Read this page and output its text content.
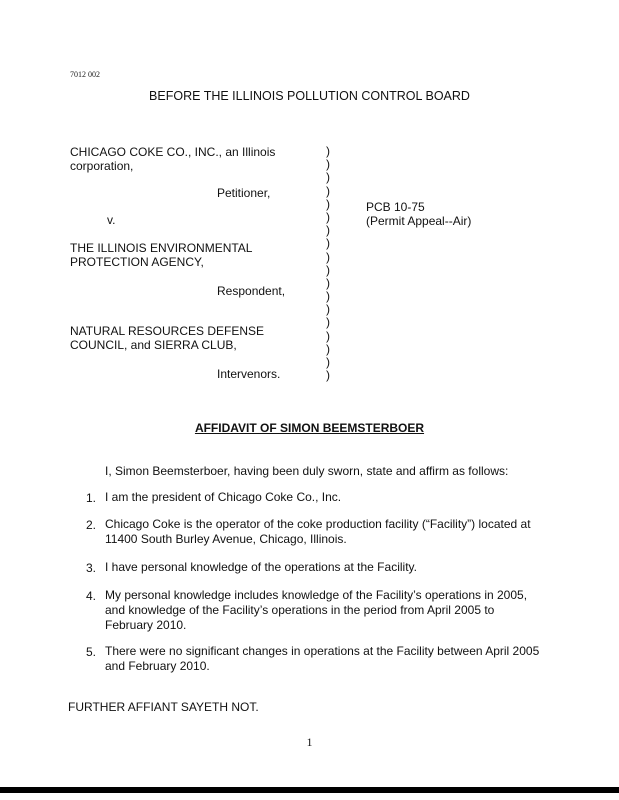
7012 002
BEFORE THE ILLINOIS POLLUTION CONTROL BOARD
CHICAGO COKE CO., INC., an Illinois
corporation,
Petitioner,
v.
THE ILLINOIS ENVIRONMENTAL
PROTECTION AGENCY,
Respondent,
NATURAL RESOURCES DEFENSE
COUNCIL, and SIERRA CLUB,
Intervenors.
)
)
)
)
)
)
)
)
)
)
)
)
)
)
)
)
)
)
PCB 10-75
(Permit Appeal--Air)
AFFIDAVIT OF SIMON BEEMSTERBOER
I, Simon Beemsterboer, having been duly sworn, state and affirm as follows:
1. I am the president of Chicago Coke Co., Inc.
2. Chicago Coke is the operator of the coke production facility (“Facility”) located at 11400 South Burley Avenue, Chicago, Illinois.
3. I have personal knowledge of the operations at the Facility.
4. My personal knowledge includes knowledge of the Facility’s operations in 2005, and knowledge of the Facility’s operations in the period from April 2005 to February 2010.
5. There were no significant changes in operations at the Facility between April 2005 and February 2010.
FURTHER AFFIANT SAYETH NOT.
1
